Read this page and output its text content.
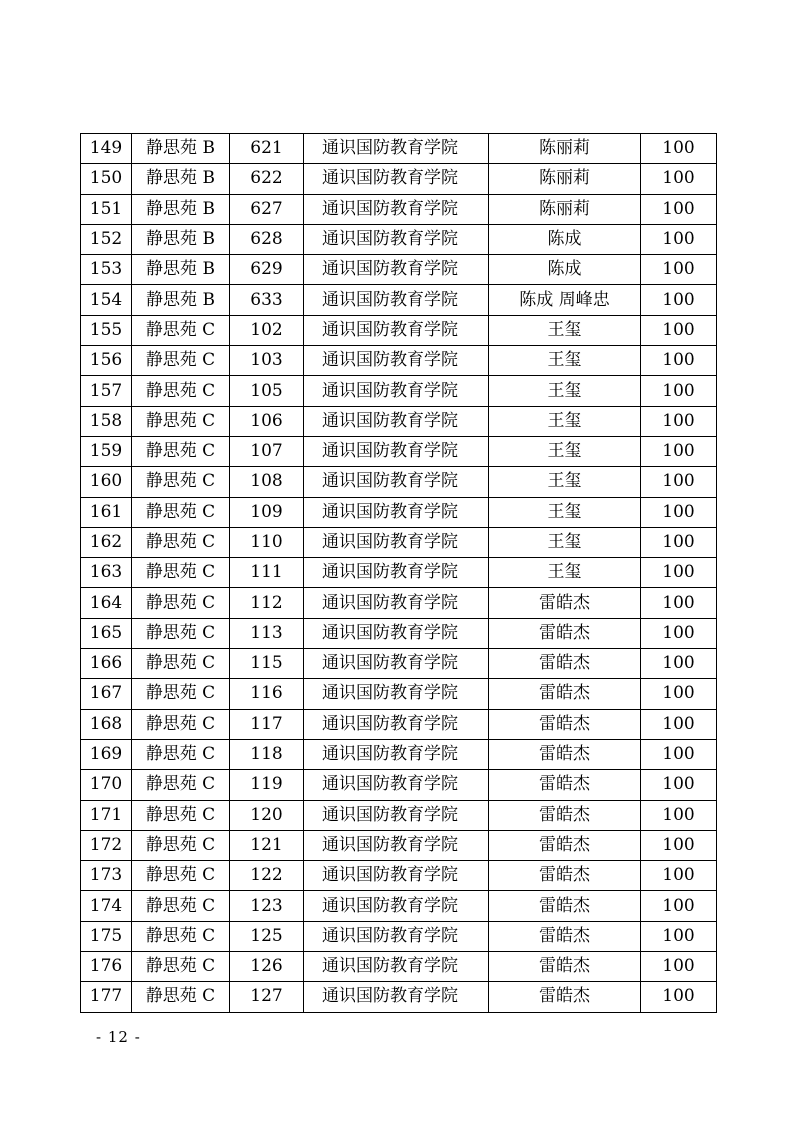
149	静思苑 B	621	通识国防教育学院	陈丽莉	100
150	静思苑 B	622	通识国防教育学院	陈丽莉	100
151	静思苑 B	627	通识国防教育学院	陈丽莉	100
152	静思苑 B	628	通识国防教育学院	陈成	100
153	静思苑 B	629	通识国防教育学院	陈成	100
154	静思苑 B	633	通识国防教育学院	陈成 周峰忠	100
155	静思苑 C	102	通识国防教育学院	王玺	100
156	静思苑 C	103	通识国防教育学院	王玺	100
157	静思苑 C	105	通识国防教育学院	王玺	100
158	静思苑 C	106	通识国防教育学院	王玺	100
159	静思苑 C	107	通识国防教育学院	王玺	100
160	静思苑 C	108	通识国防教育学院	王玺	100
161	静思苑 C	109	通识国防教育学院	王玺	100
162	静思苑 C	110	通识国防教育学院	王玺	100
163	静思苑 C	111	通识国防教育学院	王玺	100
164	静思苑 C	112	通识国防教育学院	雷皓杰	100
165	静思苑 C	113	通识国防教育学院	雷皓杰	100
166	静思苑 C	115	通识国防教育学院	雷皓杰	100
167	静思苑 C	116	通识国防教育学院	雷皓杰	100
168	静思苑 C	117	通识国防教育学院	雷皓杰	100
169	静思苑 C	118	通识国防教育学院	雷皓杰	100
170	静思苑 C	119	通识国防教育学院	雷皓杰	100
171	静思苑 C	120	通识国防教育学院	雷皓杰	100
172	静思苑 C	121	通识国防教育学院	雷皓杰	100
173	静思苑 C	122	通识国防教育学院	雷皓杰	100
174	静思苑 C	123	通识国防教育学院	雷皓杰	100
175	静思苑 C	125	通识国防教育学院	雷皓杰	100
176	静思苑 C	126	通识国防教育学院	雷皓杰	100
177	静思苑 C	127	通识国防教育学院	雷皓杰	100
- 12 -
